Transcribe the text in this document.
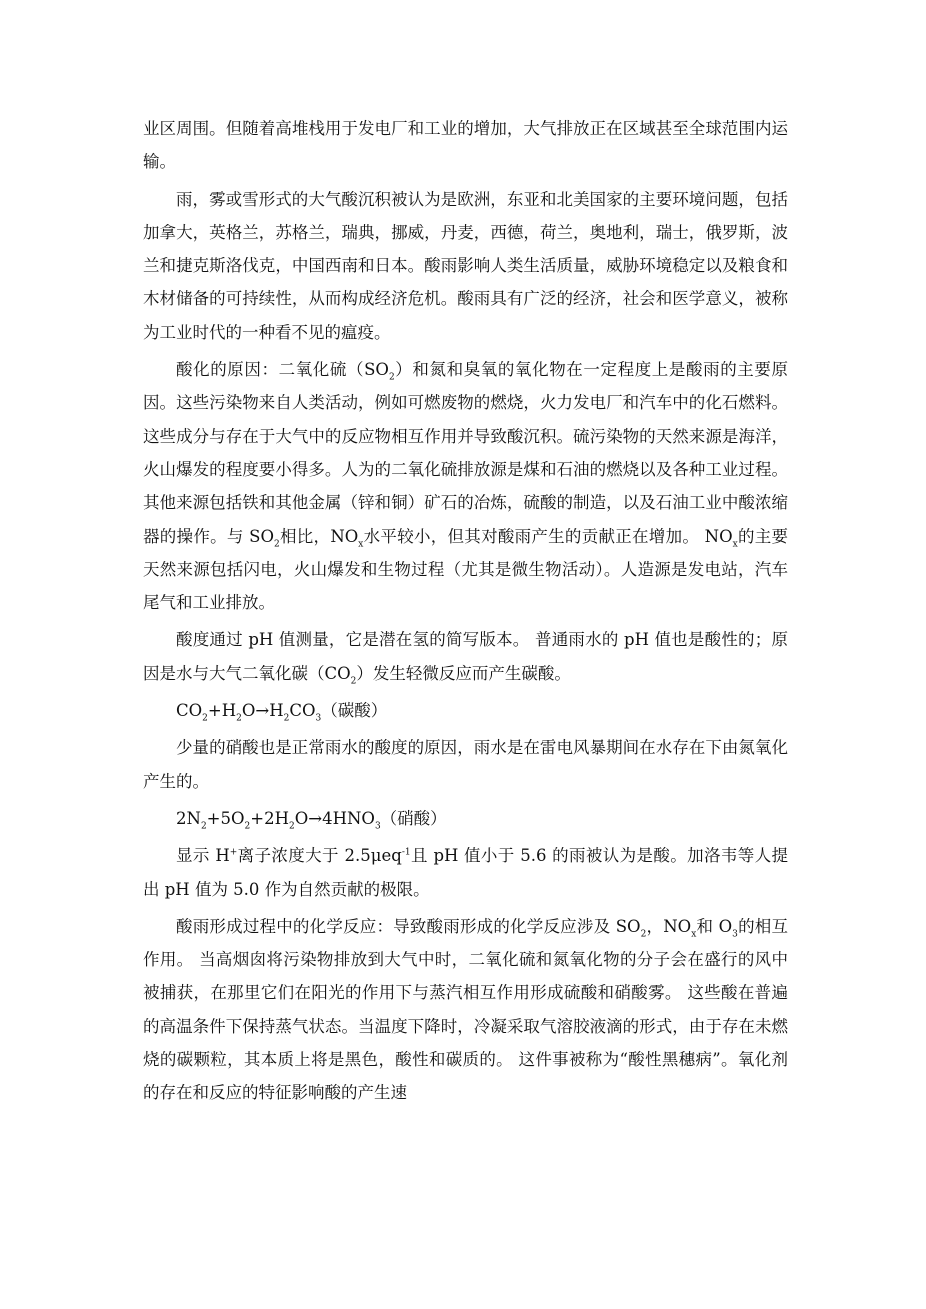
业区周围。但随着高堆栈用于发电厂和工业的增加，大气排放正在区域甚至全球范围内运输。

雨，雾或雪形式的大气酸沉积被认为是欧洲，东亚和北美国家的主要环境问题，包括加拿大，英格兰，苏格兰，瑞典，挪威，丹麦，西德，荷兰，奥地利，瑞士，俄罗斯，波兰和捷克斯洛伐克，中国西南和日本。酸雨影响人类生活质量，威胁环境稳定以及粮食和木材储备的可持续性，从而构成经济危机。酸雨具有广泛的经济，社会和医学意义，被称为工业时代的一种看不见的瘟疫。

酸化的原因：二氧化硫$(SO_2)$和氮和臭氧的氧化物在一定程度上是酸雨的主要原因。这些污染物来自人类活动，例如可燃废物的燃烧，火力发电厂和汽车中的化石燃料。这些成分与存在于大气中的反应物相互作用并导致酸沉积。硫污染物的天然来源是海洋，火山爆发的程度要小得多。人为的二氧化硫排放源是煤和石油的燃烧以及各种工业过程。其他来源包括铁和其他金属（锌和铜）矿石的冶炼，硫酸的制造，以及石油工业中酸浓缩器的操作。与 $SO_2$相比，$NO_x$水平较小，但其对酸雨产生的贡献正在增加。 $NO_x$的主要天然来源包括闪电，火山爆发和生物过程（尤其是微生物活动）。人造源是发电站，汽车尾气和工业排放。

酸度通过 pH 值测量，它是潜在氢的简写版本。 普通雨水的 pH 值也是酸性的；原因是水与大气二氧化碳$(CO_2)$发生轻微反应而产生碳酸。

$CO_2+H_2O\to H_2CO_3$（碳酸）

少量的硝酸也是正常雨水的酸度的原因，雨水是在雷电风暴期间在水存在下由氮氧化产生的。

$2N_2+5O_2+2H_2O\to 4HNO_3$（硝酸）

显示 H+离子浓度大于 2.5μeq$^{-1}$且 pH 值小于 5.6 的雨被认为是酸。加洛韦等人提出 pH 值为 5.0 作为自然贡献的极限。

酸雨形成过程中的化学反应：导致酸雨形成的化学反应涉及 $SO_2$，$NO_x$和 $O_3$的相互作用。 当高烟囱将污染物排放到大气中时，二氧化硫和氮氧化物的分子会在盛行的风中被捕获，在那里它们在阳光的作用下与蒸汽相互作用形成硫酸和硝酸雾。 这些酸在普遍的高温条件下保持蒸气状态。当温度下降时，冷凝采取气溶胶液滴的形式，由于存在未燃烧的碳颗粒，其本质上将是黑色，酸性和碳质的。 这件事被称为“酸性黑穗病”。氧化剂的存在和反应的特征影响酸的产生速
